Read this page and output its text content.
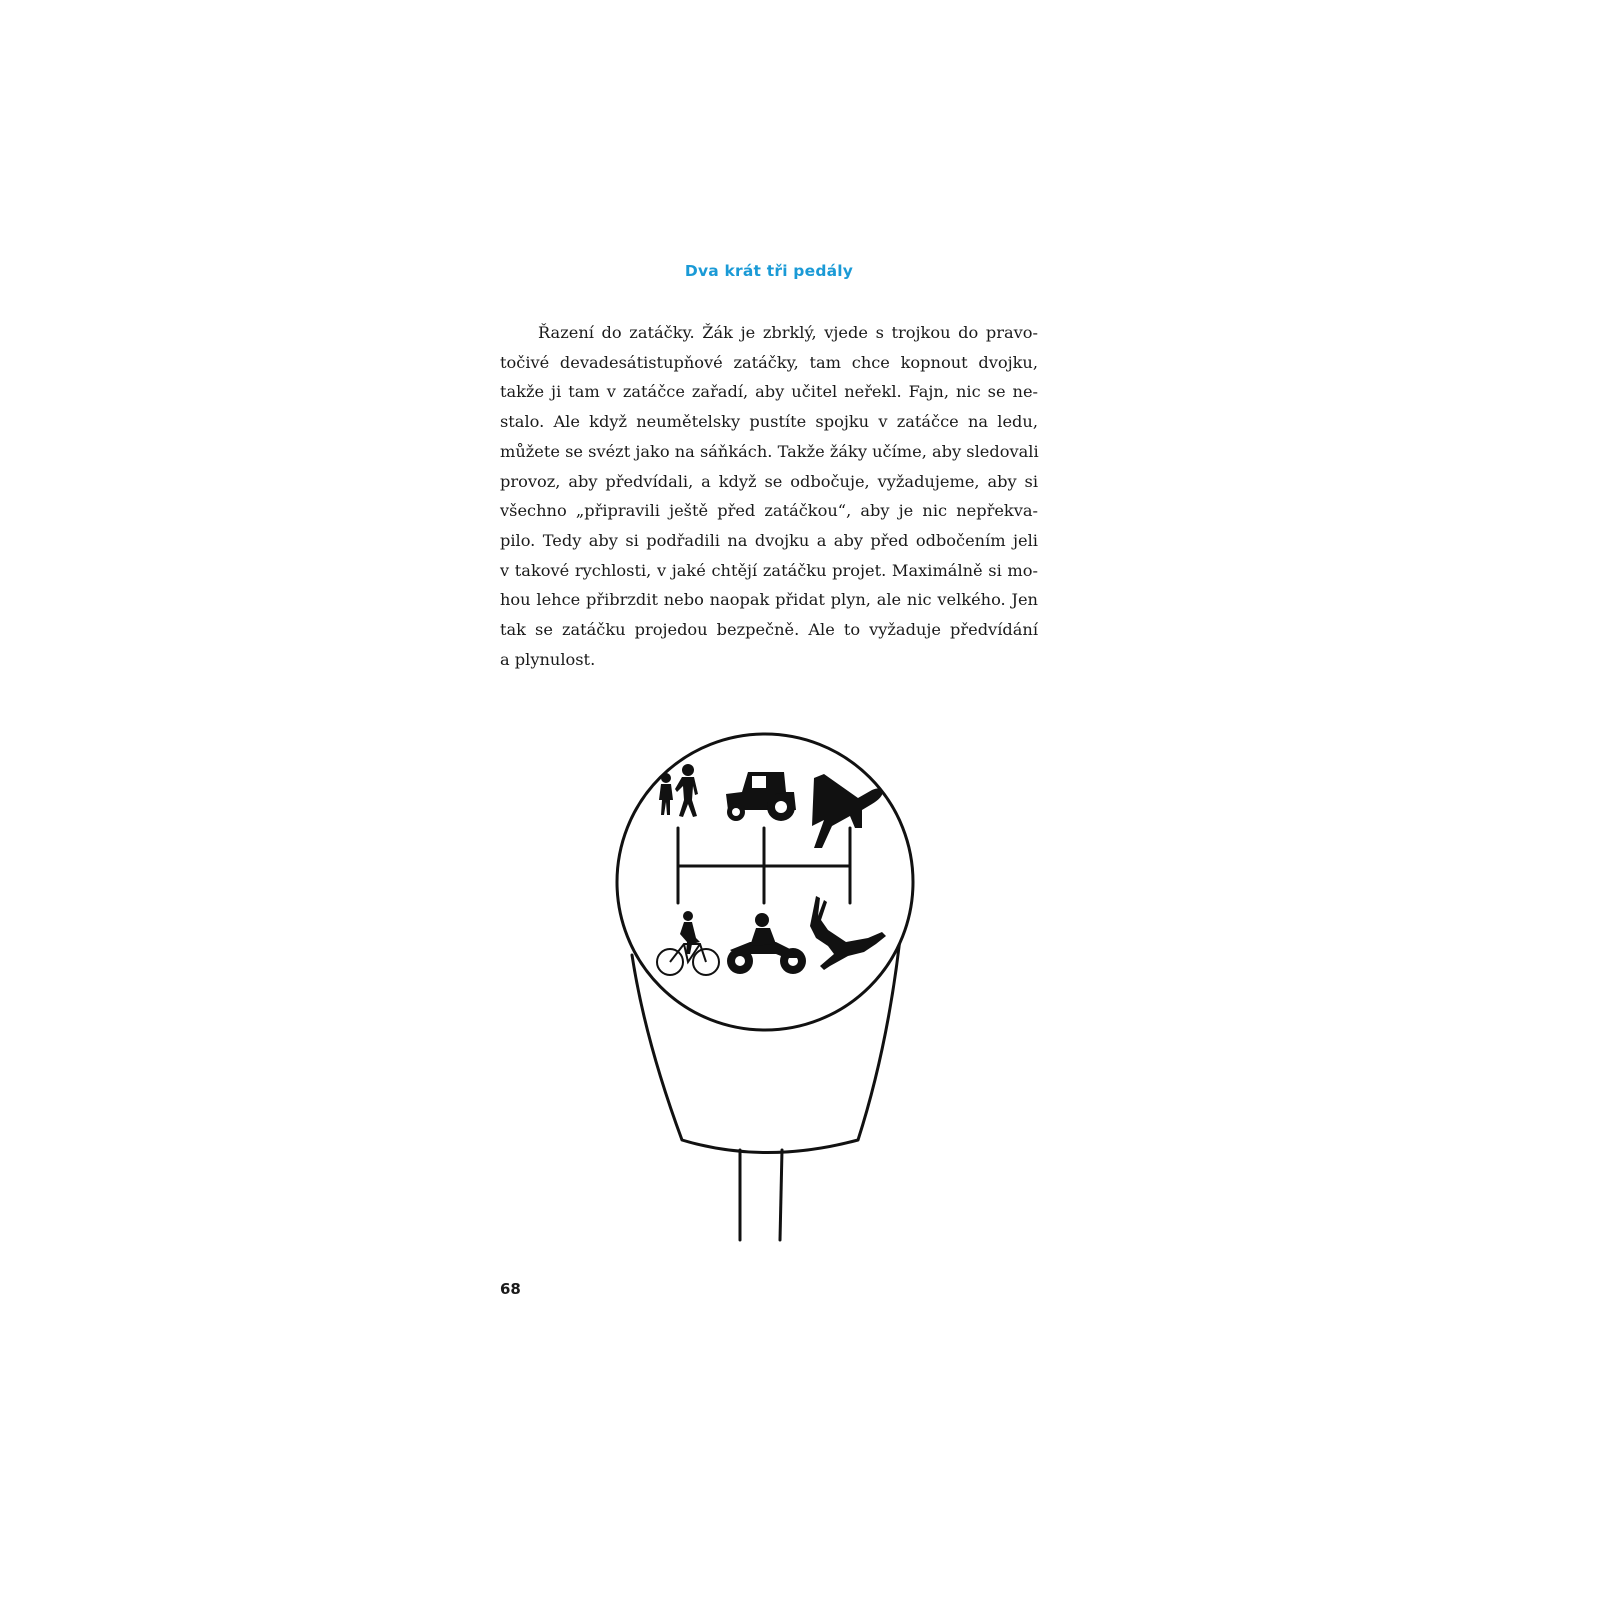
Dva krát tři pedály
Řazení do zatáčky. Žák je zbrklý, vjede s trojkou do pravo-
točivé devadesátistupňové zatáčky, tam chce kopnout dvojku,
takže ji tam v zatáčce zařadí, aby učitel neřekl. Fajn, nic se ne-
stalo. Ale když neumětelsky pustíte spojku v zatáčce na ledu,
můžete se svézt jako na sáňkách. Takže žáky učíme, aby sledovali
provoz, aby předvídali, a když se odbočuje, vyžadujeme, aby si
všechno „připravili ještě před zatáčkou“, aby je nic nepřekva-
pilo. Tedy aby si podřadili na dvojku a aby před odbočením jeli
v takové rychlosti, v jaké chtějí zatáčku projet. Maximálně si mo-
hou lehce přibrzdit nebo naopak přidat plyn, ale nic velkého. Jen
tak se zatáčku projedou bezpečně. Ale to vyžaduje předvídání
a plynulost.
68
